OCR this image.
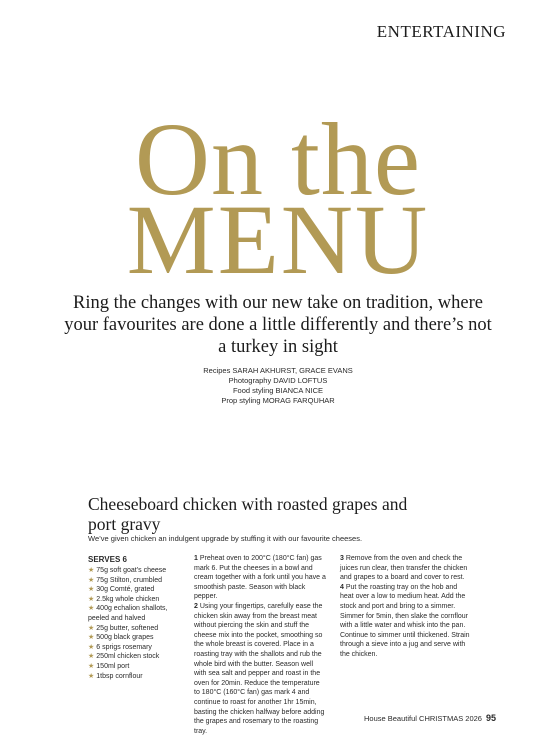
ENTERTAINING
On the
MENU
Ring the changes with our new take on tradition, where your favourites are done a little differently and there’s not a turkey in sight
Recipes SARAH AKHURST, GRACE EVANS
Photography DAVID LOFTUS
Food styling BIANCA NICE
Prop styling MORAG FARQUHAR
Cheeseboard chicken with roasted grapes and port gravy
We’ve given chicken an indulgent upgrade by stuffing it with our favourite cheeses.
SERVES 6
★ 75g soft goat’s cheese
★ 75g Stilton, crumbled
★ 30g Comté, grated
★ 2.5kg whole chicken
★ 400g echalion shallots, peeled and halved
★ 25g butter, softened
★ 500g black grapes
★ 6 sprigs rosemary
★ 250ml chicken stock
★ 150ml port
★ 1tbsp cornflour
1 Preheat oven to 200°C (180°C fan) gas mark 6. Put the cheeses in a bowl and cream together with a fork until you have a smoothish paste. Season with black pepper.
2 Using your fingertips, carefully ease the chicken skin away from the breast meat without piercing the skin and stuff the cheese mix into the pocket, smoothing so the whole breast is covered. Place in a roasting tray with the shallots and rub the whole bird with the butter. Season well with sea salt and pepper and roast in the oven for 20min. Reduce the temperature to 180°C (160°C fan) gas mark 4 and continue to roast for another 1hr 15min, basting the chicken halfway before adding the grapes and rosemary to the roasting tray.
3 Remove from the oven and check the juices run clear, then transfer the chicken and grapes to a board and cover to rest.
4 Put the roasting tray on the hob and heat over a low to medium heat. Add the stock and port and bring to a simmer. Simmer for 5min, then slake the cornflour with a little water and whisk into the pan. Continue to simmer until thickened. Strain through a sieve into a jug and serve with the chicken.
House Beautiful CHRISTMAS 2026 95
